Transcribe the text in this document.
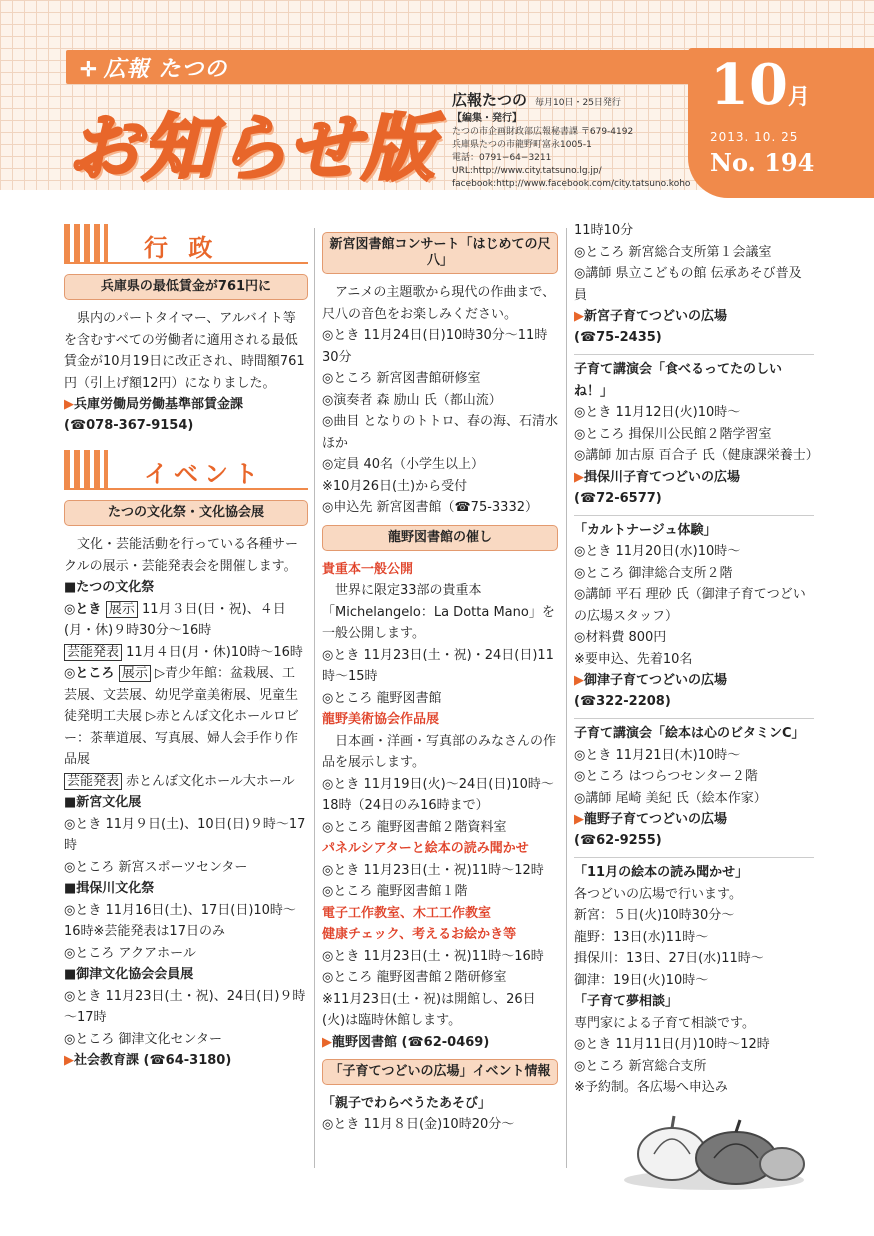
✛ 広報 たつの
お知らせ版
広報たつの 毎月10日・25日発行
【編集・発行】
たつの市企画財政部広報秘書課 〒679-4192
兵庫県たつの市龍野町富永1005-1
電話：0791−64−3211
URL:http://www.city.tatsuno.lg.jp/
facebook:http://www.facebook.com/city.tatsuno.koho
10月
2013. 10. 25
No. 194
行 政
兵庫県の最低賃金が761円に

県内のパートタイマー、アルバイト等を含むすべての労働者に適用される最低賃金が10月19日に改正され、時間額761円（引上げ額12円）になりました。

▶兵庫労働局労働基準部賃金課
(☎078-367-9154)
イベント
たつの文化祭・文化協会展

文化・芸能活動を行っている各種サークルの展示・芸能発表会を開催します。

■たつの文化祭
◎とき 展示 11月３日(日・祝)、４日(月・休)９時30分～16時
芸能発表 11月４日(月・休)10時～16時
◎ところ 展示 ▷青少年館：盆栽展、工芸展、文芸展、幼児学童美術展、児童生徒発明工夫展 ▷赤とんぼ文化ホールロビー：茶華道展、写真展、婦人会手作り作品展
芸能発表 赤とんぼ文化ホール大ホール
■新宮文化展
◎とき 11月９日(土)、10日(日)９時～17時
◎ところ 新宮スポーツセンター
■揖保川文化祭
◎とき 11月16日(土)、17日(日)10時～16時※芸能発表は17日のみ
◎ところ アクアホール
■御津文化協会会員展
◎とき 11月23日(土・祝)、24日(日)９時～17時
◎ところ 御津文化センター
▶社会教育課 (☎64-3180)
新宮図書館コンサート「はじめての尺八」

アニメの主題歌から現代の作曲まで、尺八の音色をお楽しみください。

◎とき 11月24日(日)10時30分～11時30分
◎ところ 新宮図書館研修室
◎演奏者 森 励山 氏（都山流）
◎曲目 となりのトトロ、春の海、石清水 ほか
◎定員 40名（小学生以上）
※10月26日(土)から受付
◎申込先 新宮図書館（☎75-3332）
龍野図書館の催し
貴重本一般公開

世界に限定33部の貴重本「Michelangelo：La Dotta Mano」を一般公開します。

◎とき 11月23日(土・祝)・24日(日)11時～15時
◎ところ 龍野図書館
龍野美術協会作品展

日本画・洋画・写真部のみなさんの作品を展示します。

◎とき 11月19日(火)～24日(日)10時～18時（24日のみ16時まで）
◎ところ 龍野図書館２階資料室
パネルシアターと絵本の読み聞かせ
◎とき 11月23日(土・祝)11時～12時
◎ところ 龍野図書館１階
電子工作教室、木工工作教室
健康チェック、考えるお絵かき等
◎とき 11月23日(土・祝)11時～16時
◎ところ 龍野図書館２階研修室
※11月23日(土・祝)は開館し、26日(火)は臨時休館します。
▶龍野図書館 (☎62-0469)
「子育てつどいの広場」イベント情報
「親子でわらべうたあそび」
◎とき 11月８日(金)10時20分～
11時10分
◎ところ 新宮総合支所第１会議室
◎講師 県立こどもの館 伝承あそび普及員
▶新宮子育てつどいの広場
(☎75-2435)
子育て講演会「食べるってたのしいね！」
◎とき 11月12日(火)10時～
◎ところ 揖保川公民館２階学習室
◎講師 加古原 百合子 氏（健康課栄養士）
▶揖保川子育てつどいの広場
(☎72-6577)
「カルトナージュ体験」
◎とき 11月20日(水)10時～
◎ところ 御津総合支所２階
◎講師 平石 理砂 氏（御津子育てつどいの広場スタッフ）
◎材料費 800円
※要申込、先着10名
▶御津子育てつどいの広場
(☎322-2208)
子育て講演会「絵本は心のビタミンC」
◎とき 11月21日(木)10時～
◎ところ はつらつセンター２階
◎講師 尾崎 美紀 氏（絵本作家）
▶龍野子育てつどいの広場
(☎62-9255)
「11月の絵本の読み聞かせ」
各つどいの広場で行います。
新宮：５日(火)10時30分～
龍野：13日(水)11時～
揖保川：13日、27日(水)11時～
御津：19日(火)10時～
「子育て夢相談」
専門家による子育て相談です。
◎とき 11月11日(月)10時～12時
◎ところ 新宮総合支所
※予約制。各広場へ申込み
